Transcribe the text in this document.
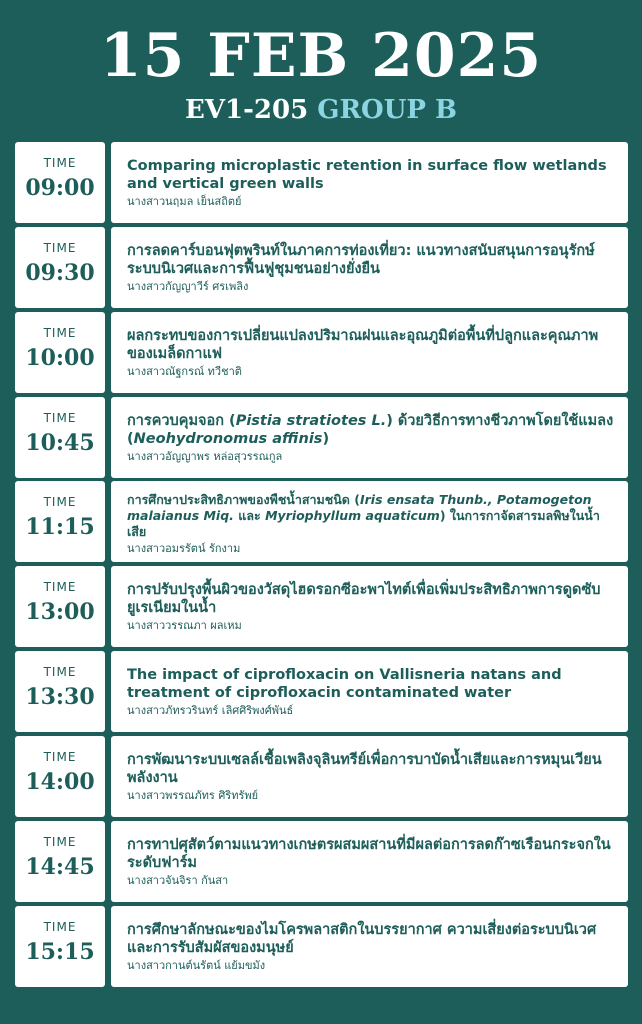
15 FEB 2025
EV1-205 GROUP B
TIME
09:00
Comparing microplastic retention in surface flow wetlands and vertical green walls
นางสาวนฤมล เย็นสถิตย์
TIME
09:30
การลดคาร์บอนฟุตพรินท์ในภาคการท่องเที่ยว: แนวทางสนับสนุนการอนุรักษ์ระบบนิเวศและการฟื้นฟูชุมชนอย่างยั่งยืน
นางสาวกัญญาวีร์ ศรเพลิง
TIME
10:00
ผลกระทบของการเปลี่ยนแปลงปริมาณฝนและอุณภูมิต่อพื้นที่ปลูกและคุณภาพของเมล็ดกาแฟ
นางสาวณัฐกรณ์ ทวีชาติ
TIME
10:45
การควบคุมจอก (Pistia stratiotes L.) ด้วยวิธีการทางชีวภาพโดยใช้แมลง (Neohydronomus affinis)
นางสาวอัญญาพร หล่อสุวรรณกูล
TIME
11:15
การศึกษาประสิทธิภาพของพืชน้ำสามชนิด (Iris ensata Thunb., Potamogeton malaianus Miq. และ Myriophyllum aquaticum) ในการกาจัดสารมลพิษในน้ำเสีย
นางสาวอมรรัตน์ รักงาม
TIME
13:00
การปรับปรุงพื้นผิวของวัสดุไฮดรอกซีอะพาไทต์เพื่อเพิ่มประสิทธิภาพการดูดซับยูเรเนียมในน้ำ
นางสาววรรณภา ผลเหม
TIME
13:30
The impact of ciprofloxacin on Vallisneria natans and treatment of ciprofloxacin contaminated water
นางสาวภัทรวรินทร์ เลิศศิริพงศ์พันธ์
TIME
14:00
การพัฒนาระบบเซลล์เชื้อเพลิงจุลินทรีย์เพื่อการบาบัดน้ำเสียและการหมุนเวียนพลังงาน
นางสาวพรรณภัทร ศิริทรัพย์
TIME
14:45
การทาปศุสัตว์ตามแนวทางเกษตรผสมผสานที่มีผลต่อการลดก๊าซเรือนกระจกในระดับฟาร์ม
นางสาวจันจิรา กันสา
TIME
15:15
การศึกษาลักษณะของไมโครพลาสติกในบรรยากาศ ความเสี่ยงต่อระบบนิเวศและการรับสัมผัสของมนุษย์
นางสาวกานต์นรัตน์ แย้มขมัง
